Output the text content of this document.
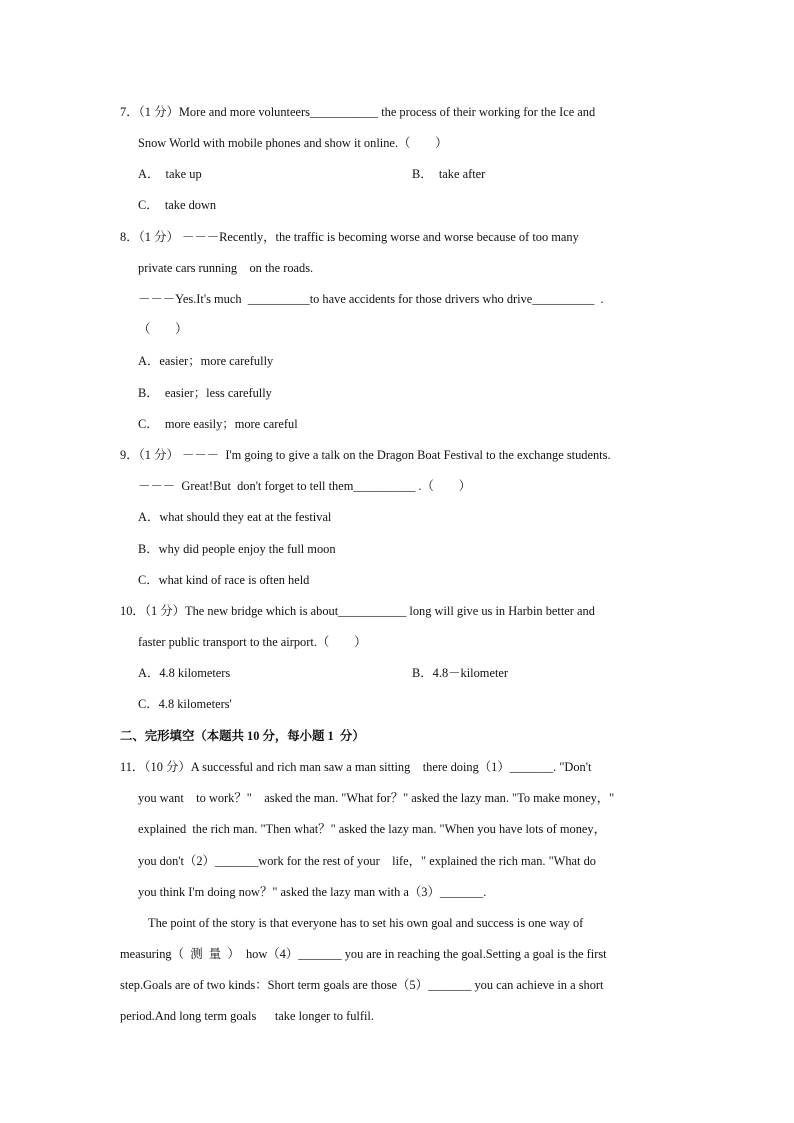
7．（1 分）More and more volunteers___________ the process of their working for the Ice and
Snow World with mobile phones and show it online.（        ）
A．  take up	B．  take after
C．  take down
8．（1 分） －－－Recently，the traffic is becoming worse and worse because of too many
private cars running    on the roads.
－－－Yes.It's much  __________to have accidents for those drivers who drive__________  .
（        ）
A．easier；more carefully
B．  easier；less carefully
C．  more easily；more careful
9．（1 分） －－－  I'm going to give a talk on the Dragon Boat Festival to the exchange students.
－－－  Great!But  don't forget to tell them__________ .（        ）
A．what should they eat at the festival
B．why did people enjoy the full moon
C．what kind of race is often held
10．（1 分）The new bridge which is about___________ long will give us in Harbin better and
faster public transport to the airport.（        ）
A．4.8 kilometers	B．4.8－kilometer
C．4.8 kilometers'
二、完形填空（本题共 10 分，每小题 1  分）
11．（10 分）A successful and rich man saw a man sitting    there doing（1）_______. "Don't
you want    to work？"    asked the man. "What for？" asked the lazy man. "To make money，"
explained  the rich man. "Then what？" asked the lazy man. "When you have lots of money，
you don't（2）_______work for the rest of your    life，" explained the rich man. "What do
you think I'm doing now？" asked the lazy man with a（3）_______.
The point of the story is that everyone has to set his own goal and success is one way of
measuring（  测  量  ）  how（4）_______ you are in reaching the goal.Setting a goal is the first
step.Goals are of two kinds：Short term goals are those（5）_______ you can achieve in a short
period.And long term goals      take longer to fulfil.
